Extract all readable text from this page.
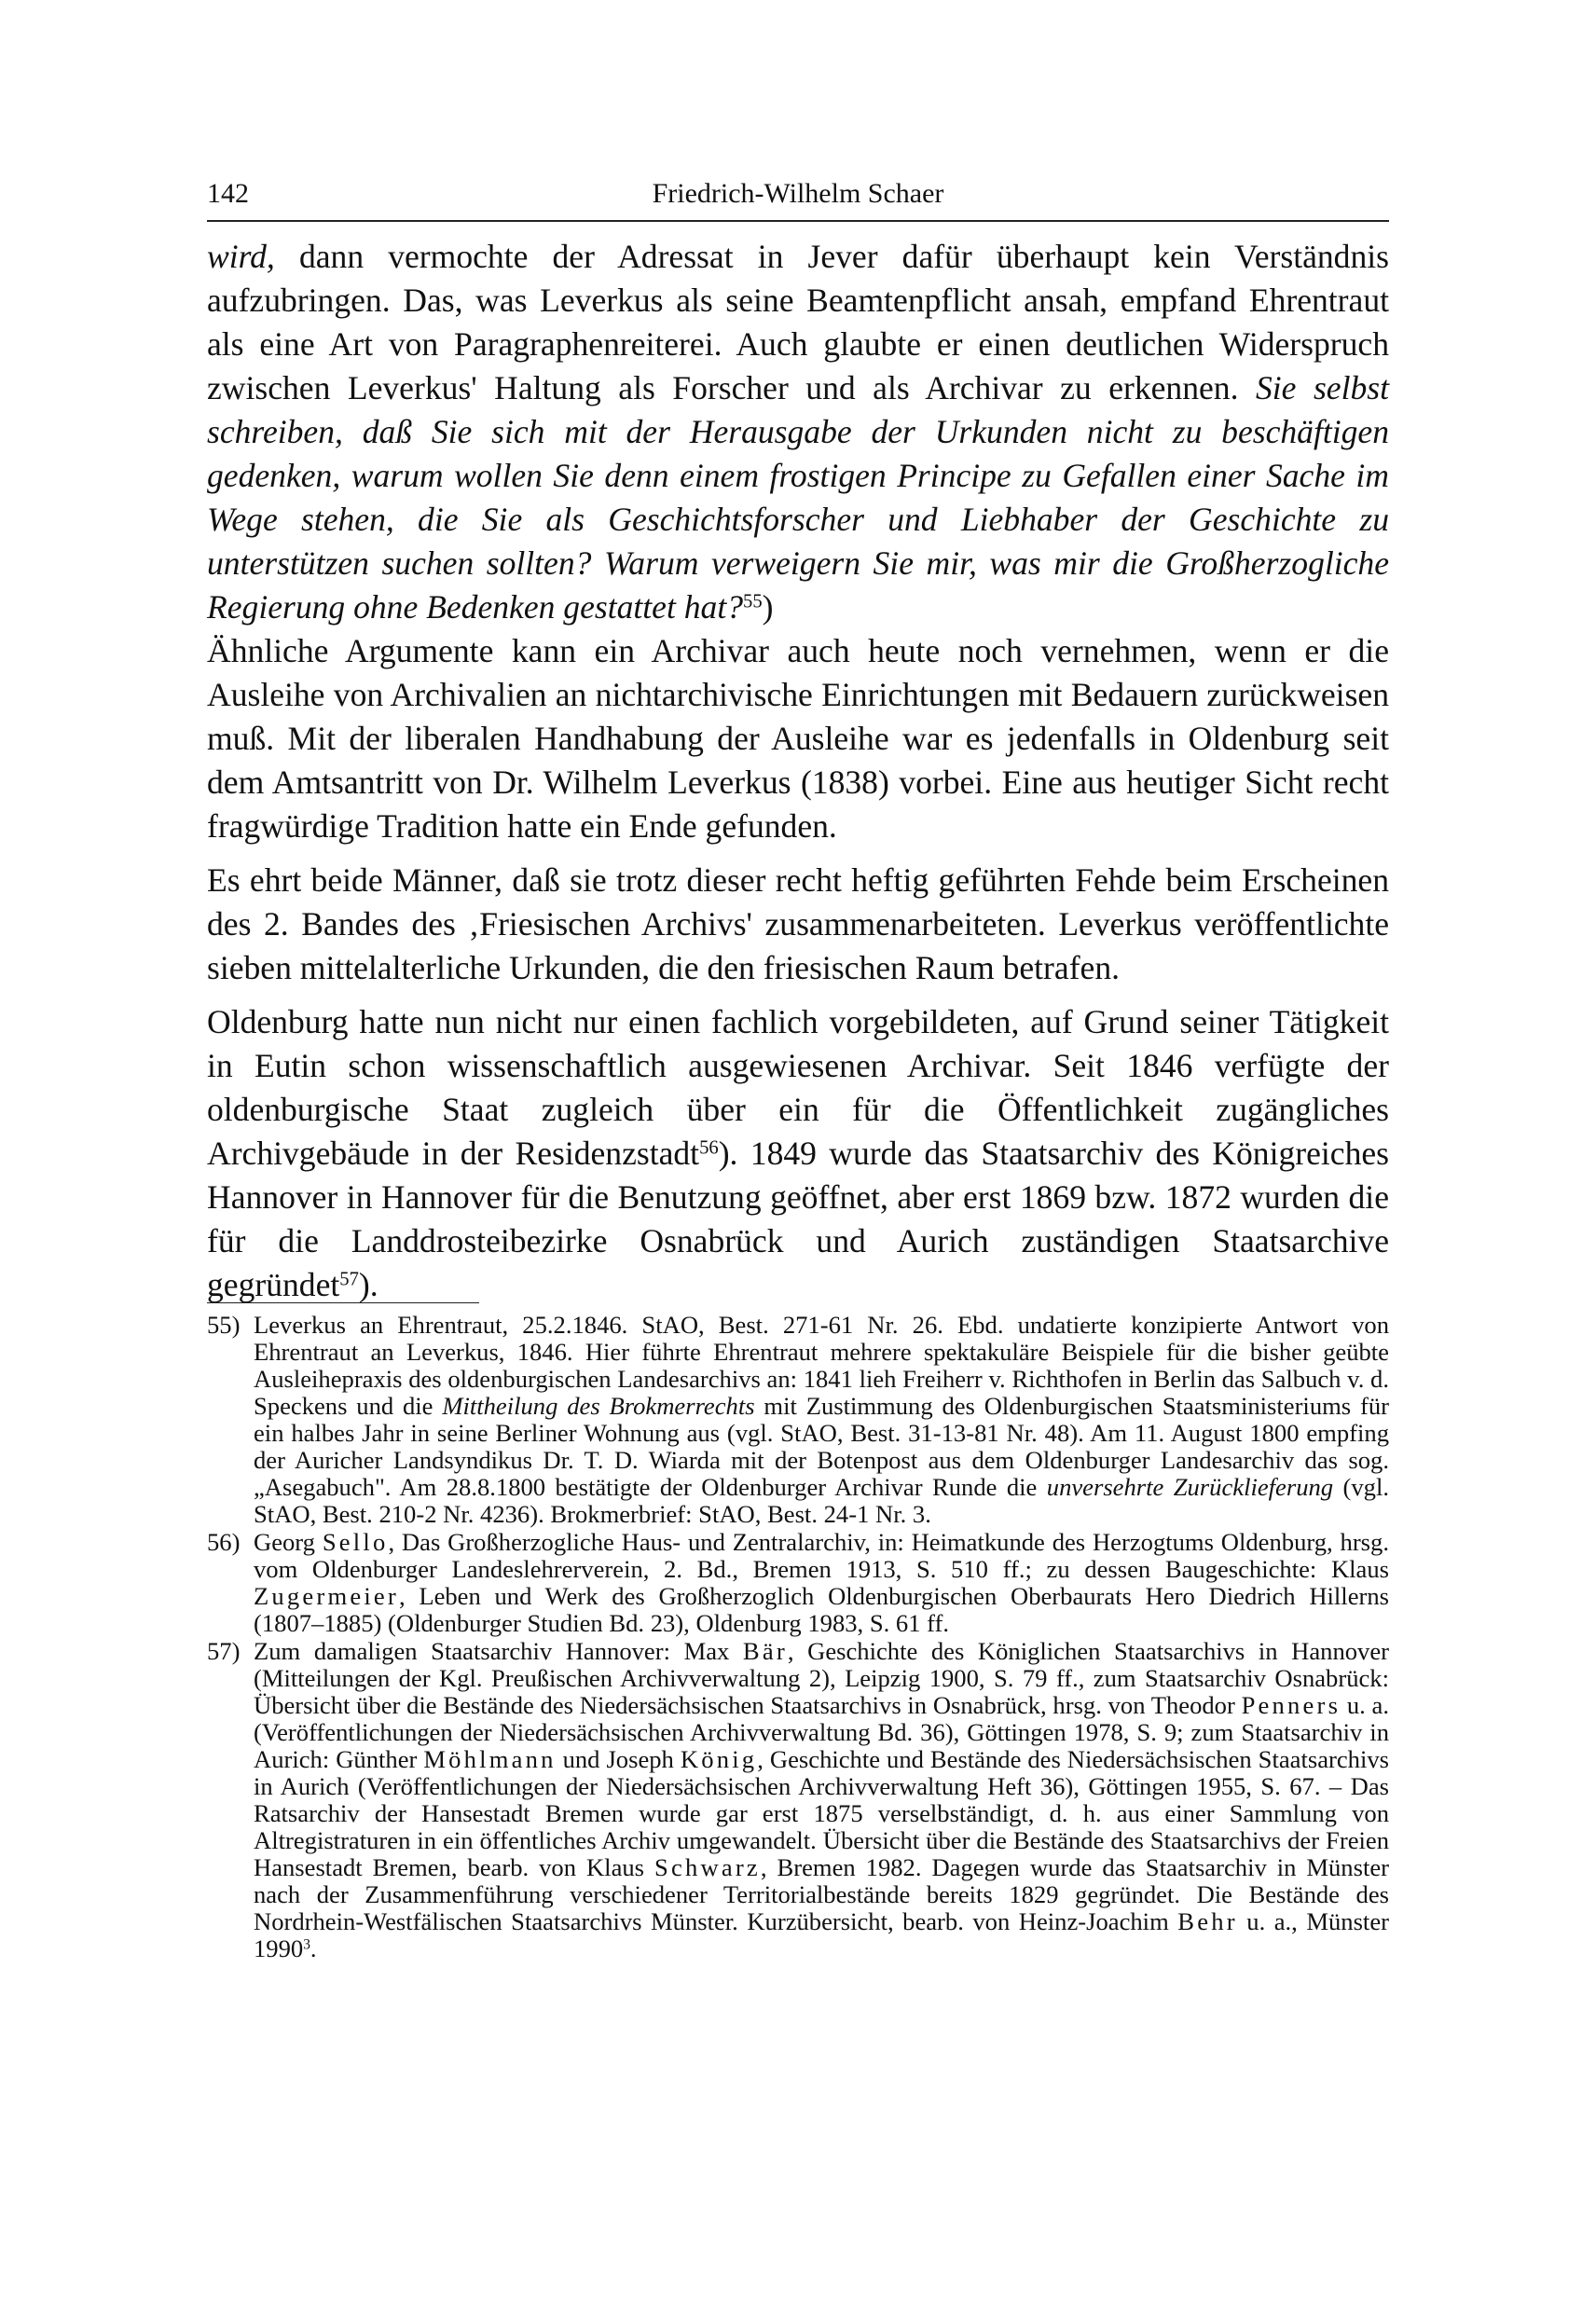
142	Friedrich-Wilhelm Schaer

wird, dann vermochte der Adressat in Jever dafür überhaupt kein Verständnis aufzubringen. Das, was Leverkus als seine Beamtenpflicht ansah, empfand Ehrentraut als eine Art von Paragraphenreiterei. Auch glaubte er einen deutlichen Widerspruch zwischen Leverkus' Haltung als Forscher und als Archivar zu erkennen. Sie selbst schreiben, daß Sie sich mit der Herausgabe der Urkunden nicht zu beschäftigen gedenken, warum wollen Sie denn einem frostigen Principe zu Gefallen einer Sache im Wege stehen, die Sie als Geschichtsforscher und Liebhaber der Geschichte zu unterstützen suchen sollten? Warum verweigern Sie mir, was mir die Großherzogliche Regierung ohne Bedenken gestattet hat?$^{55}$)
Ähnliche Argumente kann ein Archivar auch heute noch vernehmen, wenn er die Ausleihe von Archivalien an nichtarchivische Einrichtungen mit Bedauern zurückweisen muß. Mit der liberalen Handhabung der Ausleihe war es jedenfalls in Oldenburg seit dem Amtsantritt von Dr. Wilhelm Leverkus (1838) vorbei. Eine aus heutiger Sicht recht fragwürdige Tradition hatte ein Ende gefunden.

Es ehrt beide Männer, daß sie trotz dieser recht heftig geführten Fehde beim Erscheinen des 2. Bandes des ‚Friesischen Archivs' zusammenarbeiteten. Leverkus veröffentlichte sieben mittelalterliche Urkunden, die den friesischen Raum betrafen.

Oldenburg hatte nun nicht nur einen fachlich vorgebildeten, auf Grund seiner Tätigkeit in Eutin schon wissenschaftlich ausgewiesenen Archivar. Seit 1846 verfügte der oldenburgische Staat zugleich über ein für die Öffentlichkeit zugängliches Archivgebäude in der Residenzstadt$^{56}$). 1849 wurde das Staatsarchiv des Königreiches Hannover in Hannover für die Benutzung geöffnet, aber erst 1869 bzw. 1872 wurden die für die Landdrosteibezirke Osnabrück und Aurich zuständigen Staatsarchive gegründet$^{57}$).

55) Leverkus an Ehrentraut, 25.2.1846. StAO, Best. 271-61 Nr. 26. Ebd. undatierte konzipierte Antwort von Ehrentraut an Leverkus, 1846. Hier führte Ehrentraut mehrere spektakuläre Beispiele für die bisher geübte Ausleihepraxis des oldenburgischen Landesarchivs an: 1841 lieh Freiherr v. Richthofen in Berlin das Salbuch v. d. Speckens und die Mittheilung des Brokmerrechts mit Zustimmung des Oldenburgischen Staatsministeriums für ein halbes Jahr in seine Berliner Wohnung aus (vgl. StAO, Best. 31-13-81 Nr. 48). Am 11. August 1800 empfing der Auricher Landsyndikus Dr. T. D. Wiarda mit der Botenpost aus dem Oldenburger Landesarchiv das sog. „Asegabuch". Am 28.8.1800 bestätigte der Oldenburger Archivar Runde die unversehrte Zurücklieferung (vgl. StAO, Best. 210-2 Nr. 4236). Brokmerbrief: StAO, Best. 24-1 Nr. 3.
56) Georg Sello, Das Großherzogliche Haus- und Zentralarchiv, in: Heimatkunde des Herzogtums Oldenburg, hrsg. vom Oldenburger Landeslehrerverein, 2. Bd., Bremen 1913, S. 510 ff.; zu dessen Baugeschichte: Klaus Zugermeier, Leben und Werk des Großherzoglich Oldenburgischen Oberbaurats Hero Diedrich Hillerns (1807–1885) (Oldenburger Studien Bd. 23), Oldenburg 1983, S. 61 ff.
57) Zum damaligen Staatsarchiv Hannover: Max Bär, Geschichte des Königlichen Staatsarchivs in Hannover (Mitteilungen der Kgl. Preußischen Archivverwaltung 2), Leipzig 1900, S. 79 ff., zum Staatsarchiv Osnabrück: Übersicht über die Bestände des Niedersächsischen Staatsarchivs in Osnabrück, hrsg. von Theodor Penners u. a. (Veröffentlichungen der Niedersächsischen Archivverwaltung Bd. 36), Göttingen 1978, S. 9; zum Staatsarchiv in Aurich: Günther Möhlmann und Joseph König, Geschichte und Bestände des Niedersächsischen Staatsarchivs in Aurich (Veröffentlichungen der Niedersächsischen Archivverwaltung Heft 36), Göttingen 1955, S. 67. – Das Ratsarchiv der Hansestadt Bremen wurde gar erst 1875 verselbständigt, d. h. aus einer Sammlung von Altregistraturen in ein öffentliches Archiv umgewandelt. Übersicht über die Bestände des Staatsarchivs der Freien Hansestadt Bremen, bearb. von Klaus Schwarz, Bremen 1982. Dagegen wurde das Staatsarchiv in Münster nach der Zusammenführung verschiedener Territorialbestände bereits 1829 gegründet. Die Bestände des Nordrhein-Westfälischen Staatsarchivs Münster. Kurzübersicht, bearb. von Heinz-Joachim Behr u. a., Münster 1990$^3$.
